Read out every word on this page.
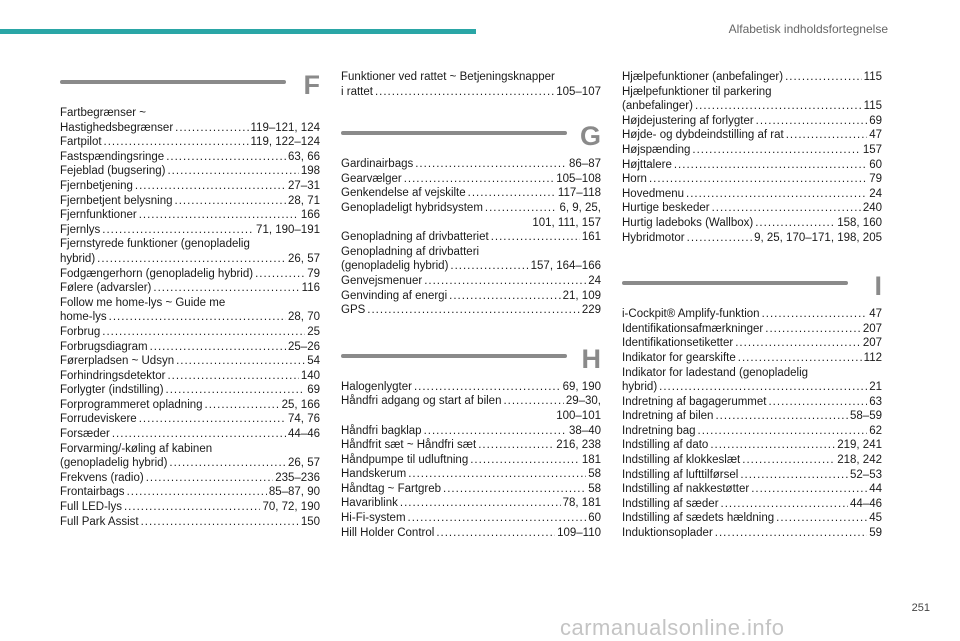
Alfabetisk indholdsfortegnelse
F
Fartbegrænser ~
Hastighedsbegrænser .....	119–121, 124
Fartpilot .....	119, 122–124
Fastspændingsringe .....	63, 66
Fejeblad (bugsering) .....	198
Fjernbetjening .....	27–31
Fjernbetjent belysning .....	28, 71
Fjernfunktioner .....	166
Fjernlys .....	71, 190–191
Fjernstyrede funktioner (genopladelig
hybrid) .....	26, 57
Fodgængerhorn (genopladelig hybrid) .....	79
Følere (advarsler) .....	116
Follow me home-lys ~ Guide me
home-lys .....	28, 70
Forbrug .....	25
Forbrugsdiagram .....	25–26
Førerpladsen ~ Udsyn .....	54
Forhindringsdetektor .....	140
Forlygter (indstilling) .....	69
Forprogrammeret opladning .....	25, 166
Forrudeviskere .....	74, 76
Forsæder .....	44–46
Forvarming/-køling af kabinen
(genopladelig hybrid) .....	26, 57
Frekvens (radio) .....	235–236
Frontairbags .....	85–87, 90
Full LED-lys .....	70, 72, 190
Full Park Assist .....	150
Funktioner ved rattet ~ Betjeningsknapper
i rattet .....	105–107
G
Gardinairbags .....	86–87
Gearvælger .....	105–108
Genkendelse af vejskilte .....	117–118
Genopladeligt hybridsystem .....	6, 9, 25,
101, 111, 157
Genopladning af drivbatteriet .....	161
Genopladning af drivbatteri
(genopladelig hybrid) .....	157, 164–166
Genvejsmenuer .....	24
Genvinding af energi .....	21, 109
GPS .....	229
H
Halogenlygter .....	69, 190
Håndfri adgang og start af bilen .....	29–30,
100–101
Håndfri bagklap .....	38–40
Håndfrit sæt ~ Håndfri sæt .....	216, 238
Håndpumpe til udluftning .....	181
Handskerum .....	58
Håndtag ~ Fartgreb .....	58
Havariblink .....	78, 181
Hi-Fi-system .....	60
Hill Holder Control .....	109–110
Hjælpefunktioner (anbefalinger) .....	115
Hjælpefunktioner til parkering
(anbefalinger) .....	115
Højdejustering af forlygter .....	69
Højde- og dybdeindstilling af rat .....	47
Højspænding .....	157
Højttalere .....	60
Horn .....	79
Hovedmenu .....	24
Hurtige beskeder .....	240
Hurtig ladeboks (Wallbox) .....	158, 160
Hybridmotor .....	9, 25, 170–171, 198, 205
I
i-Cockpit® Amplify-funktion .....	47
Identifikationsafmærkninger .....	207
Identifikationsetiketter .....	207
Indikator for gearskifte .....	112
Indikator for ladestand (genopladelig
hybrid) .....	21
Indretning af bagagerummet .....	63
Indretning af bilen .....	58–59
Indretning bag .....	62
Indstilling af dato .....	219, 241
Indstilling af klokkeslæt .....	218, 242
Indstilling af lufttilførsel .....	52–53
Indstilling af nakkestøtter .....	44
Indstilling af sæder .....	44–46
Indstilling af sædets hældning .....	45
Induktionsoplader .....	59
251
carmanualsonline.info
